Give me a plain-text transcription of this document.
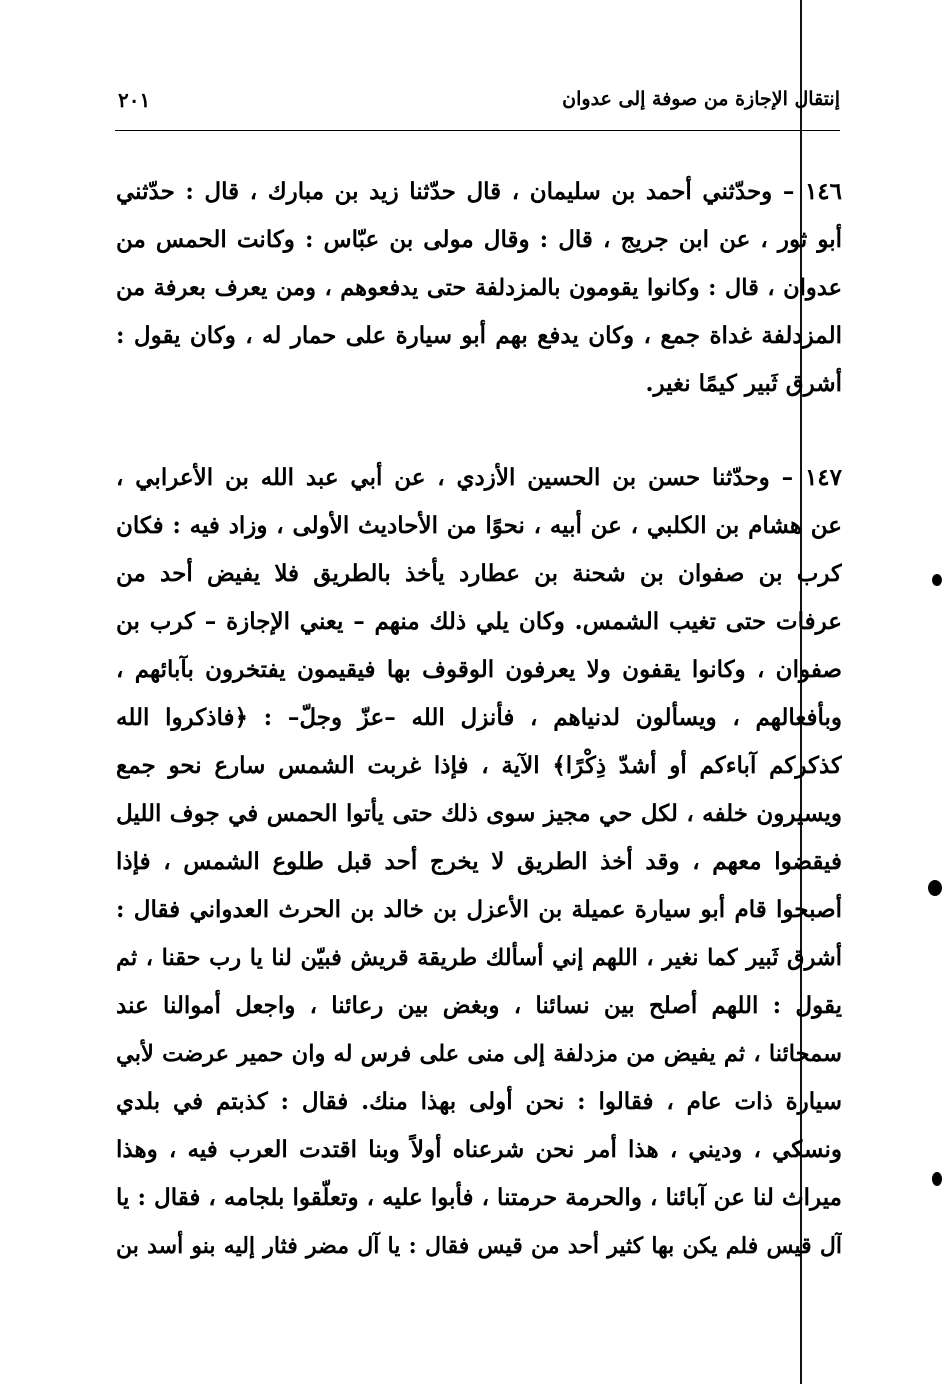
إنتقال الإجازة من صوفة إلى عدوان
٢٠١
١٤٦ – وحدّثني أحمد بن سليمان ، قال حدّثنا زيد بن مبارك ، قال : حدّثني
أبو ثور ، عن ابن جريج ، قال : وقال مولى بن عبّاس : وكانت الحمس من
عدوان ، قال : وكانوا يقومون بالمزدلفة حتى يدفعوهم ، ومن يعرف بعرفة من
المزدلفة غداة جمع ، وكان يدفع بهم أبو سيارة على حمار له ، وكان يقول :
أشرق ثَبير كيمًا نغير.
١٤٧ – وحدّثنا حسن بن الحسين الأزدي ، عن أبي عبد الله بن الأعرابي ،
عن هشام بن الكلبي ، عن أبيه ، نحوًا من الأحاديث الأولى ، وزاد فيه : فكان
كرب بن صفوان بن شحنة بن عطارد يأخذ بالطريق فلا يفيض أحد من
عرفات حتى تغيب الشمس. وكان يلي ذلك منهم – يعني الإجازة – كرب بن
صفوان ، وكانوا يقفون ولا يعرفون الوقوف بها فيقيمون يفتخرون بآبائهم ،
وبأفعالهم ، ويسألون لدنياهم ، فأنزل الله –عزّ وجلّ– : ﴿فاذكروا الله
كذكركم آباءكم أو أشدّ ذِكْرًا﴾ الآية ، فإذا غربت الشمس سارع نحو جمع
ويسيرون خلفه ، لكل حي مجيز سوى ذلك حتى يأتوا الحمس في جوف الليل
فيقضوا معهم ، وقد أخذ الطريق لا يخرج أحد قبل طلوع الشمس ، فإذا
أصبحوا قام أبو سيارة عميلة بن الأعزل بن خالد بن الحرث العدواني فقال :
أشرق ثَبير كما نغير ، اللهم إني أسألك طريقة قريش فبيّن لنا يا رب حقنا ، ثم
يقول : اللهم أصلح بين نسائنا ، وبغض بين رعائنا ، واجعل أموالنا عند
سمحائنا ، ثم يفيض من مزدلفة إلى منى على فرس له وان حمير عرضت لأبي
سيارة ذات عام ، فقالوا : نحن أولى بهذا منك. فقال : كذبتم في بلدي
ونسكي ، وديني ، هذا أمر نحن شرعناه أولاً وبنا اقتدت العرب فيه ، وهذا
ميراث لنا عن آبائنا ، والحرمة حرمتنا ، فأبوا عليه ، وتعلّقوا بلجامه ، فقال : يا
آل قيس فلم يكن بها كثير أحد من قيس فقال : يا آل مضر فثار إليه بنو أسد بن
